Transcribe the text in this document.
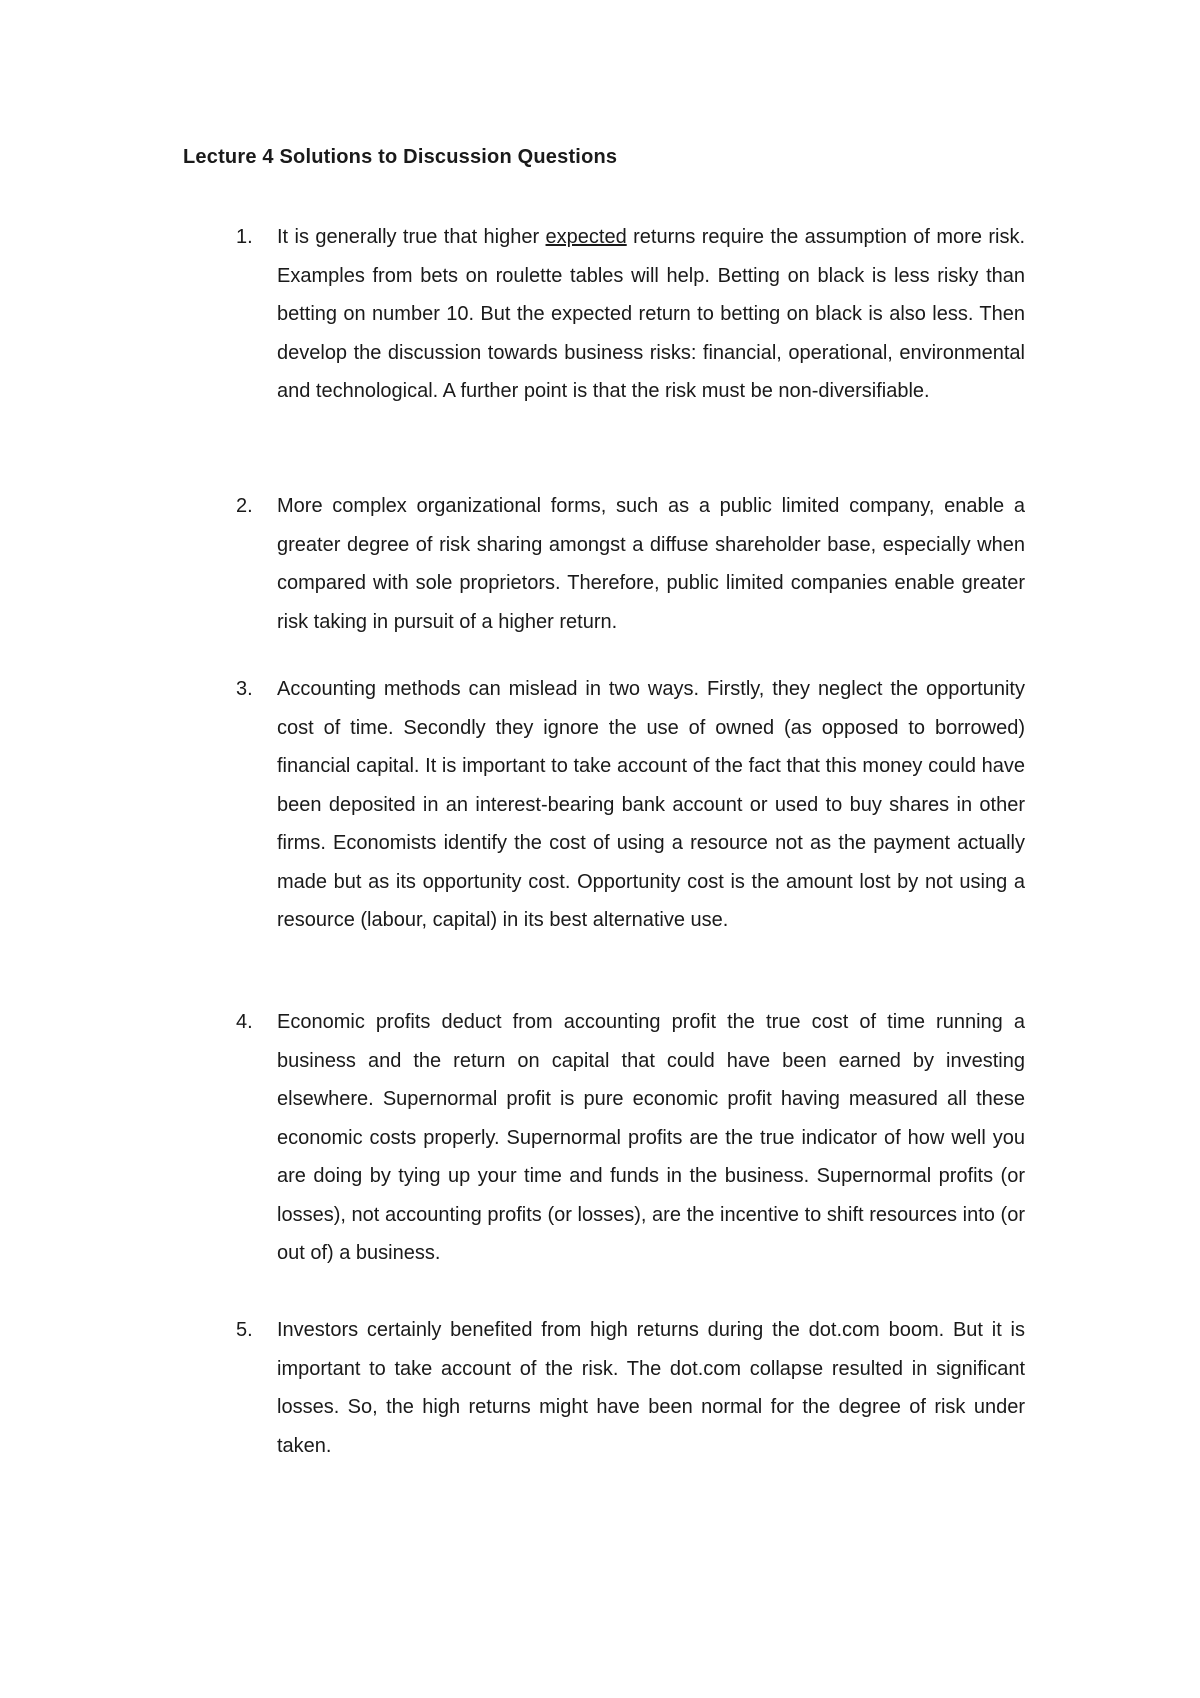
Lecture 4 Solutions to Discussion Questions
1. It is generally true that higher expected returns require the assumption of more risk. Examples from bets on roulette tables will help. Betting on black is less risky than betting on number 10. But the expected return to betting on black is also less. Then develop the discussion towards business risks: financial, operational, environmental and technological. A further point is that the risk must be non-diversifiable.

2. More complex organizational forms, such as a public limited company, enable a greater degree of risk sharing amongst a diffuse shareholder base, especially when compared with sole proprietors. Therefore, public limited companies enable greater risk taking in pursuit of a higher return.

3. Accounting methods can mislead in two ways. Firstly, they neglect the opportunity cost of time. Secondly they ignore the use of owned (as opposed to borrowed) financial capital. It is important to take account of the fact that this money could have been deposited in an interest-bearing bank account or used to buy shares in other firms. Economists identify the cost of using a resource not as the payment actually made but as its opportunity cost. Opportunity cost is the amount lost by not using a resource (labour, capital) in its best alternative use.

4. Economic profits deduct from accounting profit the true cost of time running a business and the return on capital that could have been earned by investing elsewhere. Supernormal profit is pure economic profit having measured all these economic costs properly. Supernormal profits are the true indicator of how well you are doing by tying up your time and funds in the business. Supernormal profits (or losses), not accounting profits (or losses), are the incentive to shift resources into (or out of) a business.

5. Investors certainly benefited from high returns during the dot.com boom. But it is important to take account of the risk. The dot.com collapse resulted in significant losses. So, the high returns might have been normal for the degree of risk under taken.
